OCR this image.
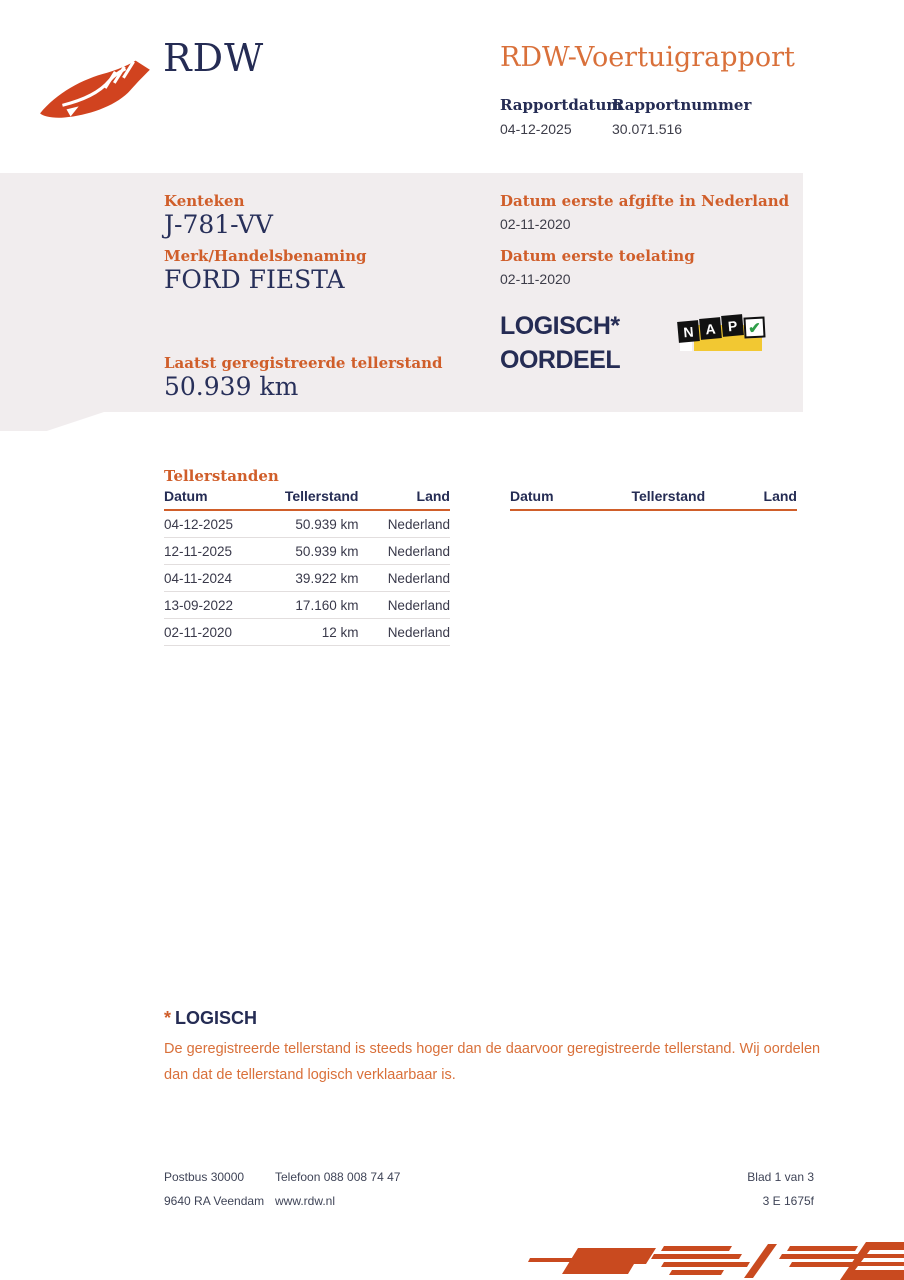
RDW	RDW-Voertuigrapport
Rapportdatum
04-12-2025
Rapportnummer
30.071.516
Kenteken
J-781-VV
Merk/Handelsbenaming
FORD FIESTA
Laatst geregistreerde tellerstand
50.939 km
Datum eerste afgifte in Nederland
02-11-2020
Datum eerste toelating
02-11-2020
LOGISCH*
OORDEEL
N A P ✔
Tellerstanden
Datum	Tellerstand	Land
04-12-2025	50.939 km	Nederland
12-11-2025	50.939 km	Nederland
04-11-2024	39.922 km	Nederland
13-09-2022	17.160 km	Nederland
02-11-2020	12 km	Nederland
Datum	Tellerstand	Land
* LOGISCH

De geregistreerde tellerstand is steeds hoger dan de daarvoor geregistreerde tellerstand. Wij oordelen dan dat de tellerstand logisch verklaarbaar is.

Postbus 30000
9640 RA Veendam
Telefoon 088 008 74 47
www.rdw.nl
Blad 1 van 3
3 E 1675f
